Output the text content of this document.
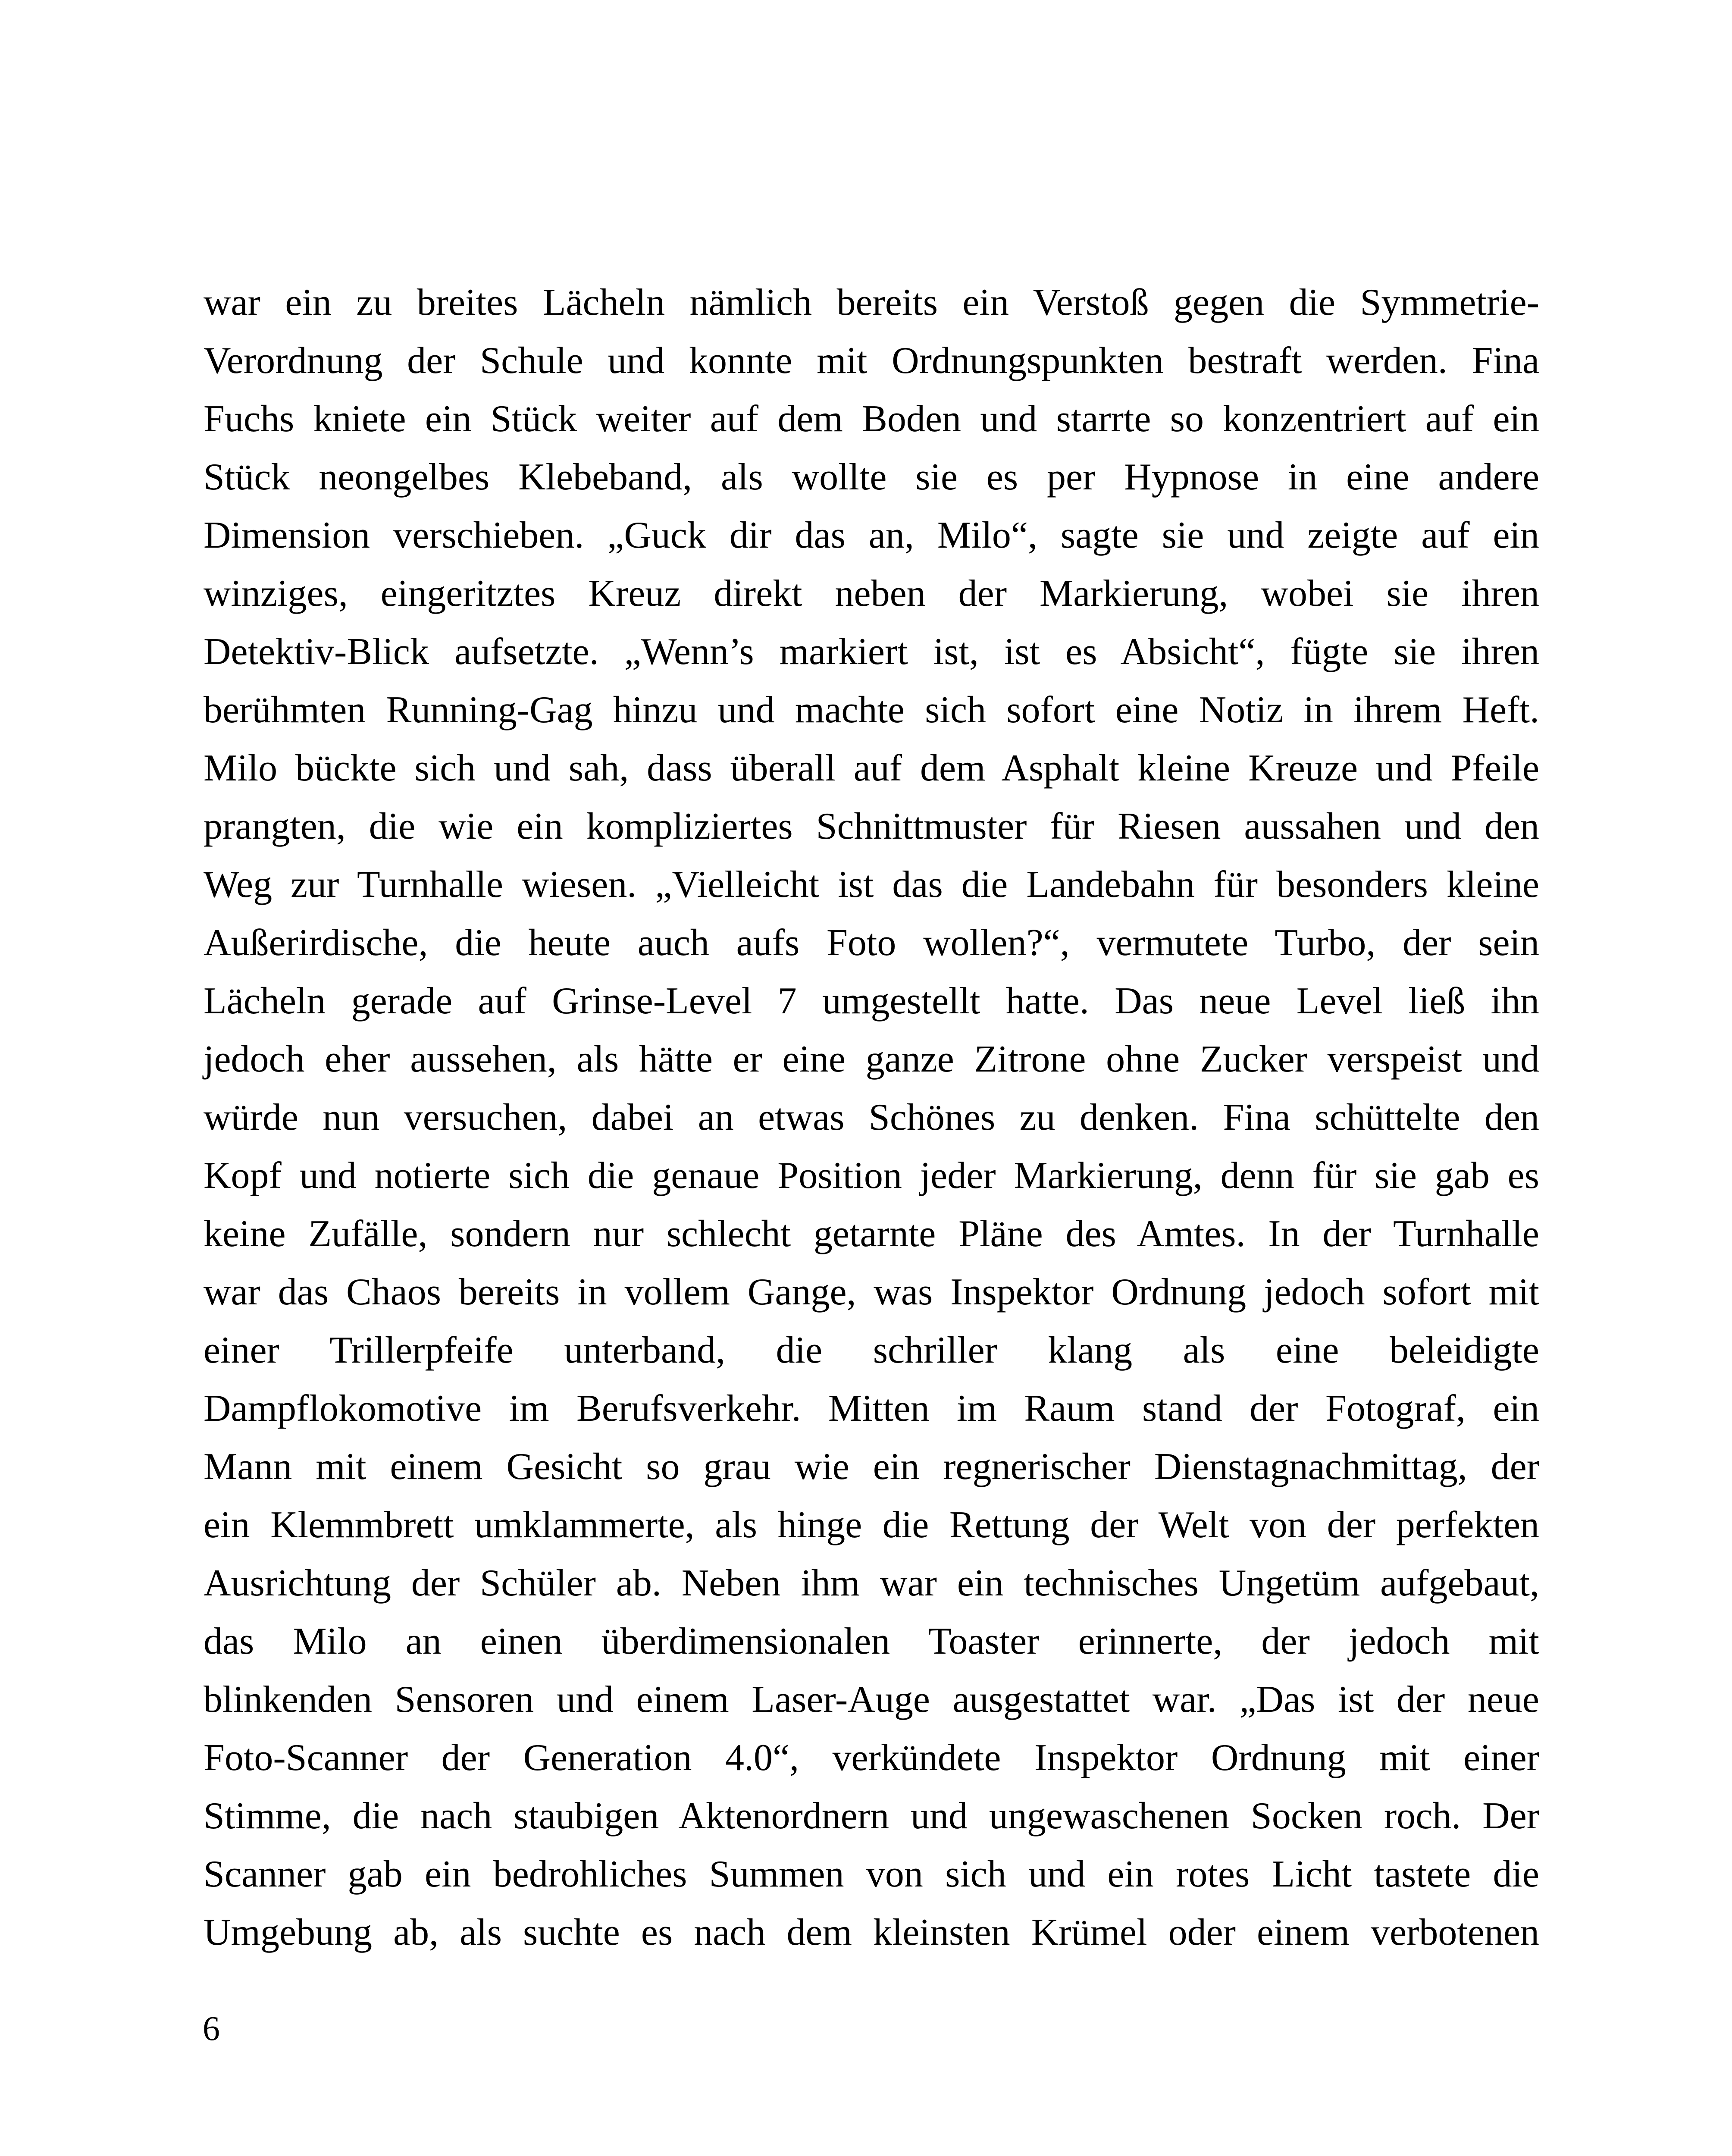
war ein zu breites Lächeln nämlich bereits ein Verstoß gegen die Symmetrie-
Verordnung der Schule und konnte mit Ordnungspunkten bestraft werden. Fina
Fuchs kniete ein Stück weiter auf dem Boden und starrte so konzentriert auf ein
Stück neongelbes Klebeband, als wollte sie es per Hypnose in eine andere
Dimension verschieben. „Guck dir das an, Milo“, sagte sie und zeigte auf ein
winziges, eingeritztes Kreuz direkt neben der Markierung, wobei sie ihren
Detektiv-Blick aufsetzte. „Wenn’s markiert ist, ist es Absicht“, fügte sie ihren
berühmten Running-Gag hinzu und machte sich sofort eine Notiz in ihrem Heft.
Milo bückte sich und sah, dass überall auf dem Asphalt kleine Kreuze und Pfeile
prangten, die wie ein kompliziertes Schnittmuster für Riesen aussahen und den
Weg zur Turnhalle wiesen. „Vielleicht ist das die Landebahn für besonders kleine
Außerirdische, die heute auch aufs Foto wollen?“, vermutete Turbo, der sein
Lächeln gerade auf Grinse-Level 7 umgestellt hatte. Das neue Level ließ ihn
jedoch eher aussehen, als hätte er eine ganze Zitrone ohne Zucker verspeist und
würde nun versuchen, dabei an etwas Schönes zu denken. Fina schüttelte den
Kopf und notierte sich die genaue Position jeder Markierung, denn für sie gab es
keine Zufälle, sondern nur schlecht getarnte Pläne des Amtes. In der Turnhalle
war das Chaos bereits in vollem Gange, was Inspektor Ordnung jedoch sofort mit
einer Trillerpfeife unterband, die schriller klang als eine beleidigte
Dampflokomotive im Berufsverkehr. Mitten im Raum stand der Fotograf, ein
Mann mit einem Gesicht so grau wie ein regnerischer Dienstagnachmittag, der
ein Klemmbrett umklammerte, als hinge die Rettung der Welt von der perfekten
Ausrichtung der Schüler ab. Neben ihm war ein technisches Ungetüm aufgebaut,
das Milo an einen überdimensionalen Toaster erinnerte, der jedoch mit
blinkenden Sensoren und einem Laser-Auge ausgestattet war. „Das ist der neue
Foto-Scanner der Generation 4.0“, verkündete Inspektor Ordnung mit einer
Stimme, die nach staubigen Aktenordnern und ungewaschenen Socken roch. Der
Scanner gab ein bedrohliches Summen von sich und ein rotes Licht tastete die
Umgebung ab, als suchte es nach dem kleinsten Krümel oder einem verbotenen
6
